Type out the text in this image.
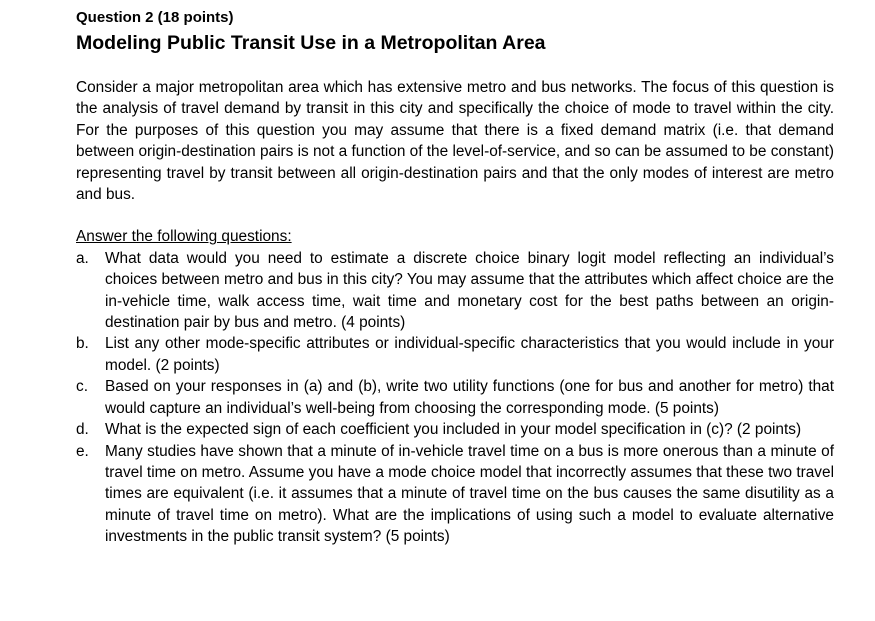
Question 2 (18 points)
Modeling Public Transit Use in a Metropolitan Area

Consider a major metropolitan area which has extensive metro and bus networks. The focus of this question is the analysis of travel demand by transit in this city and specifically the choice of mode to travel within the city. For the purposes of this question you may assume that there is a fixed demand matrix (i.e. that demand between origin-destination pairs is not a function of the level-of-service, and so can be assumed to be constant) representing travel by transit between all origin-destination pairs and that the only modes of interest are metro and bus.

Answer the following questions:
a. What data would you need to estimate a discrete choice binary logit model reflecting an individual’s choices between metro and bus in this city? You may assume that the attributes which affect choice are the in-vehicle time, walk access time, wait time and monetary cost for the best paths between an origin-destination pair by bus and metro. (4 points)
b. List any other mode-specific attributes or individual-specific characteristics that you would include in your model. (2 points)
c. Based on your responses in (a) and (b), write two utility functions (one for bus and another for metro) that would capture an individual’s well-being from choosing the corresponding mode. (5 points)
d. What is the expected sign of each coefficient you included in your model specification in (c)? (2 points)
e. Many studies have shown that a minute of in-vehicle travel time on a bus is more onerous than a minute of travel time on metro. Assume you have a mode choice model that incorrectly assumes that these two travel times are equivalent (i.e. it assumes that a minute of travel time on the bus causes the same disutility as a minute of travel time on metro). What are the implications of using such a model to evaluate alternative investments in the public transit system? (5 points)
